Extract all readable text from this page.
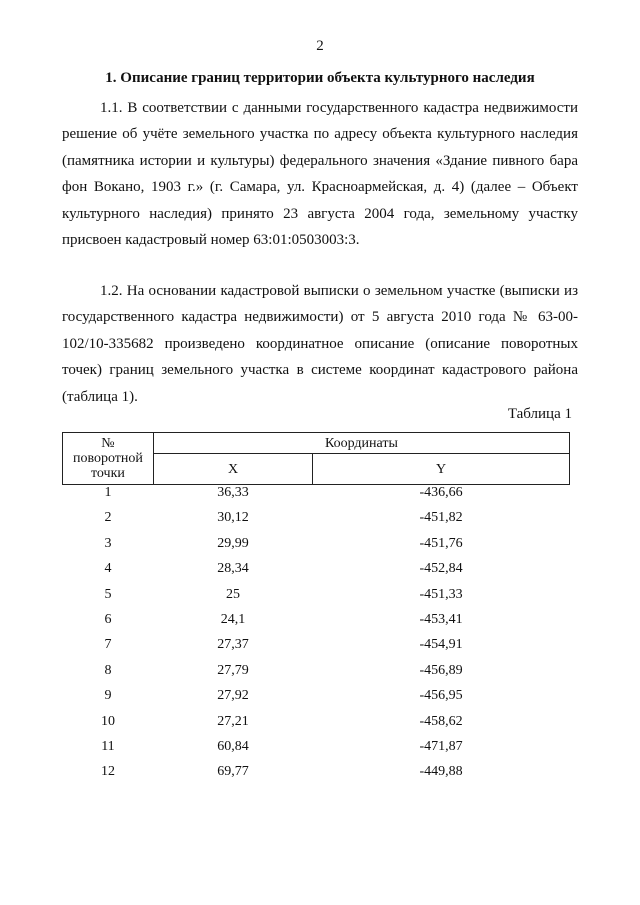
2
1. Описание границ территории объекта культурного наследия

1.1. В соответствии с данными государственного кадастра недвижимости решение об учёте земельного участка по адресу объекта культурного наследия (памятника истории и культуры) федерального значения «Здание пивного бара фон Вокано, 1903 г.» (г. Самара, ул. Красноармейская, д. 4) (далее – Объект культурного наследия) принято 23 августа 2004 года, земельному участку присвоен кадастровый номер 63:01:0503003:3.

1.2. На основании кадастровой выписки о земельном участке (выписки из государственного кадастра недвижимости) от 5 августа 2010 года № 63-00-102/10-335682 произведено координатное описание (описание поворотных точек) границ земельного участка в системе координат кадастрового района (таблица 1).

Таблица 1
№
поворотной
точки	Координаты	
	X	Y
1	36,33	-436,66
2	30,12	-451,82
3	29,99	-451,76
4	28,34	-452,84
5	25	-451,33
6	24,1	-453,41
7	27,37	-454,91
8	27,79	-456,89
9	27,92	-456,95
10	27,21	-458,62
11	60,84	-471,87
12	69,77	-449,88
